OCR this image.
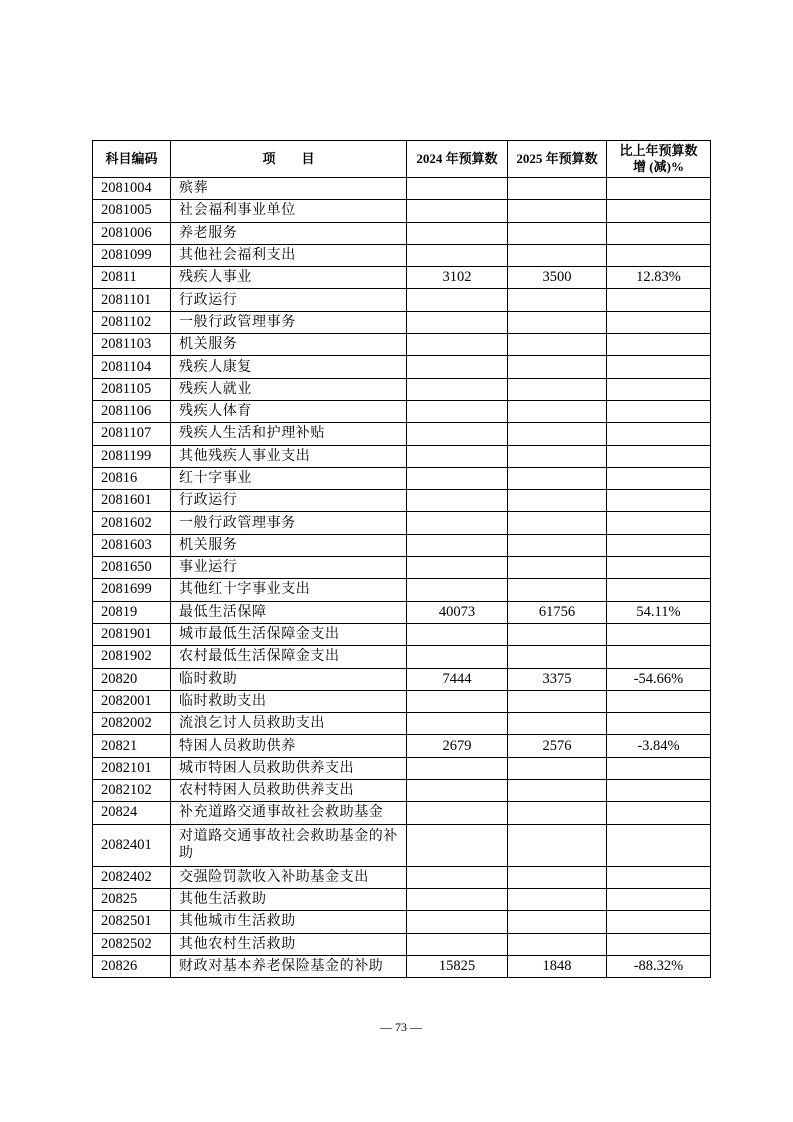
科目编码	项　　目	2024 年预算数	2025 年预算数	比上年预算数
增 (减)%

2081004	殡葬			
2081005	社会福利事业单位			
2081006	养老服务			
2081099	其他社会福利支出			
20811	残疾人事业	3102	3500	12.83%
2081101	行政运行			
2081102	一般行政管理事务			
2081103	机关服务			
2081104	残疾人康复			
2081105	残疾人就业			
2081106	残疾人体育			
2081107	残疾人生活和护理补贴			
2081199	其他残疾人事业支出			
20816	红十字事业			
2081601	行政运行			
2081602	一般行政管理事务			
2081603	机关服务			
2081650	事业运行			
2081699	其他红十字事业支出			
20819	最低生活保障	40073	61756	54.11%
2081901	城市最低生活保障金支出			
2081902	农村最低生活保障金支出			
20820	临时救助	7444	3375	-54.66%
2082001	临时救助支出			
2082002	流浪乞讨人员救助支出			
20821	特困人员救助供养	2679	2576	-3.84%
2082101	城市特困人员救助供养支出			
2082102	农村特困人员救助供养支出			
20824	补充道路交通事故社会救助基金			
2082401	对道路交通事故社会救助基金的补助			
2082402	交强险罚款收入补助基金支出			
20825	其他生活救助			
2082501	其他城市生活救助			
2082502	其他农村生活救助			
20826	财政对基本养老保险基金的补助	15825	1848	-88.32%
— 73 —
